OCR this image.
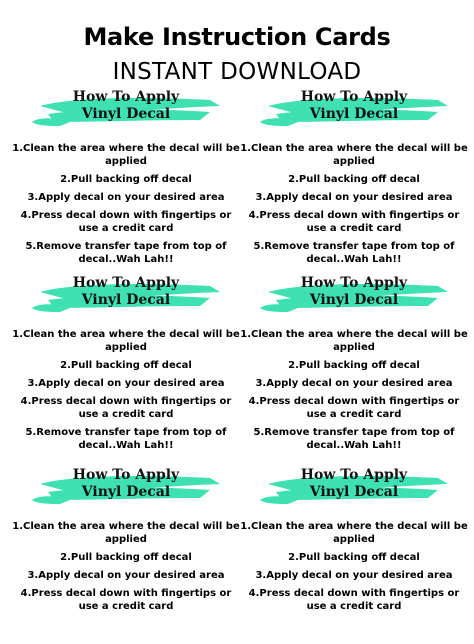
Make Instruction Cards
INSTANT DOWNLOAD
How To Apply
Vinyl Decal
1.Clean the area where the decal will be applied
2.Pull backing off decal
3.Apply decal on your desired area
4.Press decal down with fingertips or use a credit card
5.Remove transfer tape from top of decal..Wah Lah!!
How To Apply
Vinyl Decal
1.Clean the area where the decal will be applied
2.Pull backing off decal
3.Apply decal on your desired area
4.Press decal down with fingertips or use a credit card
5.Remove transfer tape from top of decal..Wah Lah!!
How To Apply
Vinyl Decal
1.Clean the area where the decal will be applied
2.Pull backing off decal
3.Apply decal on your desired area
4.Press decal down with fingertips or use a credit card
5.Remove transfer tape from top of decal..Wah Lah!!
How To Apply
Vinyl Decal
1.Clean the area where the decal will be applied
2.Pull backing off decal
3.Apply decal on your desired area
4.Press decal down with fingertips or use a credit card
5.Remove transfer tape from top of decal..Wah Lah!!
How To Apply
Vinyl Decal
1.Clean the area where the decal will be applied
2.Pull backing off decal
3.Apply decal on your desired area
4.Press decal down with fingertips or use a credit card
How To Apply
Vinyl Decal
1.Clean the area where the decal will be applied
2.Pull backing off decal
3.Apply decal on your desired area
4.Press decal down with fingertips or use a credit card
